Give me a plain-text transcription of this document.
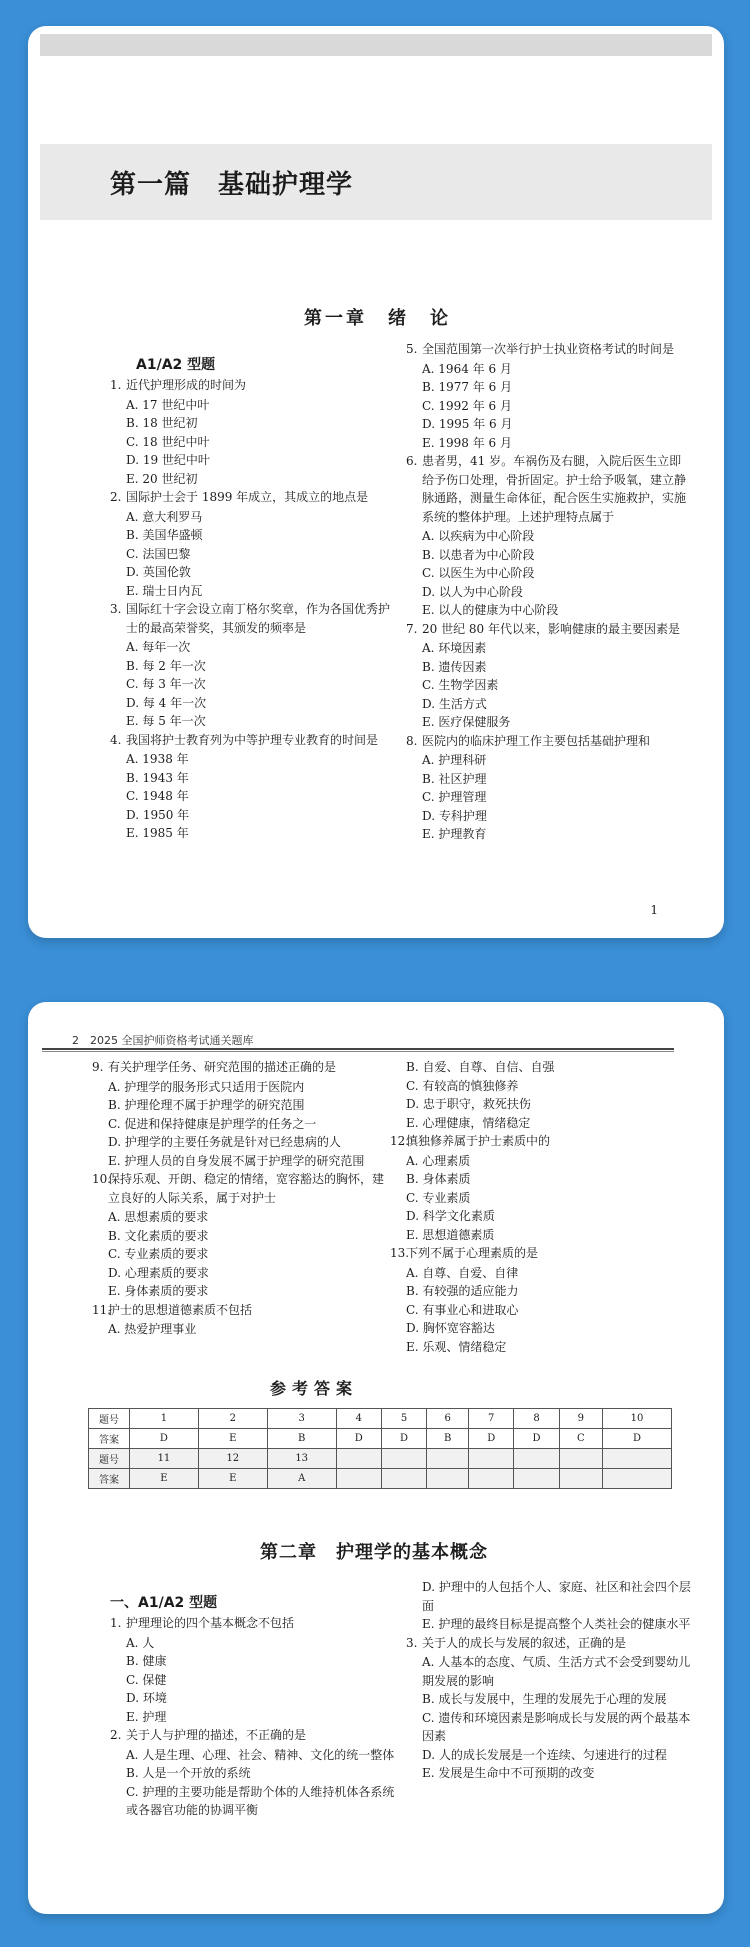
第一篇　基础护理学
第一章　绪　论
A1/A2 型题
1. 近代护理形成的时间为
A. 17 世纪中叶
B. 18 世纪初
C. 18 世纪中叶
D. 19 世纪中叶
E. 20 世纪初
2. 国际护士会于 1899 年成立，其成立的地点是
A. 意大利罗马
B. 美国华盛顿
C. 法国巴黎
D. 英国伦敦
E. 瑞士日内瓦
3. 国际红十字会设立南丁格尔奖章，作为各国优秀护士的最高荣誉奖，其颁发的频率是
A. 每年一次
B. 每 2 年一次
C. 每 3 年一次
D. 每 4 年一次
E. 每 5 年一次
4. 我国将护士教育列为中等护理专业教育的时间是
A. 1938 年
B. 1943 年
C. 1948 年
D. 1950 年
E. 1985 年
5. 全国范围第一次举行护士执业资格考试的时间是
A. 1964 年 6 月
B. 1977 年 6 月
C. 1992 年 6 月
D. 1995 年 6 月
E. 1998 年 6 月
6. 患者男，41 岁。车祸伤及右腿，入院后医生立即给予伤口处理，骨折固定。护士给予吸氧，建立静脉通路，测量生命体征，配合医生实施救护，实施系统的整体护理。上述护理特点属于
A. 以疾病为中心阶段
B. 以患者为中心阶段
C. 以医生为中心阶段
D. 以人为中心阶段
E. 以人的健康为中心阶段
7. 20 世纪 80 年代以来，影响健康的最主要因素是
A. 环境因素
B. 遗传因素
C. 生物学因素
D. 生活方式
E. 医疗保健服务
8. 医院内的临床护理工作主要包括基础护理和
A. 护理科研
B. 社区护理
C. 护理管理
D. 专科护理
E. 护理教育
1
2　2025 全国护师资格考试通关题库
9. 有关护理学任务、研究范围的描述正确的是
A. 护理学的服务形式只适用于医院内
B. 护理伦理不属于护理学的研究范围
C. 促进和保持健康是护理学的任务之一
D. 护理学的主要任务就是针对已经患病的人
E. 护理人员的自身发展不属于护理学的研究范围
10.保持乐观、开朗、稳定的情绪，宽容豁达的胸怀，建立良好的人际关系，属于对护士
A. 思想素质的要求
B. 文化素质的要求
C. 专业素质的要求
D. 心理素质的要求
E. 身体素质的要求
11.护士的思想道德素质不包括
A. 热爱护理事业
B. 自爱、自尊、自信、自强
C. 有较高的慎独修养
D. 忠于职守，救死扶伤
E. 心理健康，情绪稳定
12.慎独修养属于护士素质中的
A. 心理素质
B. 身体素质
C. 专业素质
D. 科学文化素质
E. 思想道德素质
13.下列不属于心理素质的是
A. 自尊、自爱、自律
B. 有较强的适应能力
C. 有事业心和进取心
D. 胸怀宽容豁达
E. 乐观、情绪稳定
参考答案
题号	1	2	3	4	5	6	7	8	9	10
答案	D	E	B	D	D	B	D	D	C	D
题号	11	12	13							
答案	E	E	A							
第二章　护理学的基本概念
一、A1/A2 型题
1. 护理理论的四个基本概念不包括
A. 人
B. 健康
C. 保健
D. 环境
E. 护理
2. 关于人与护理的描述，不正确的是
A. 人是生理、心理、社会、精神、文化的统一整体
B. 人是一个开放的系统
C. 护理的主要功能是帮助个体的人维持机体各系统或各器官功能的协调平衡
D. 护理中的人包括个人、家庭、社区和社会四个层面
E. 护理的最终目标是提高整个人类社会的健康水平
3. 关于人的成长与发展的叙述，正确的是
A. 人基本的态度、气质、生活方式不会受到婴幼儿期发展的影响
B. 成长与发展中，生理的发展先于心理的发展
C. 遗传和环境因素是影响成长与发展的两个最基本因素
D. 人的成长发展是一个连续、匀速进行的过程
E. 发展是生命中不可预期的改变
